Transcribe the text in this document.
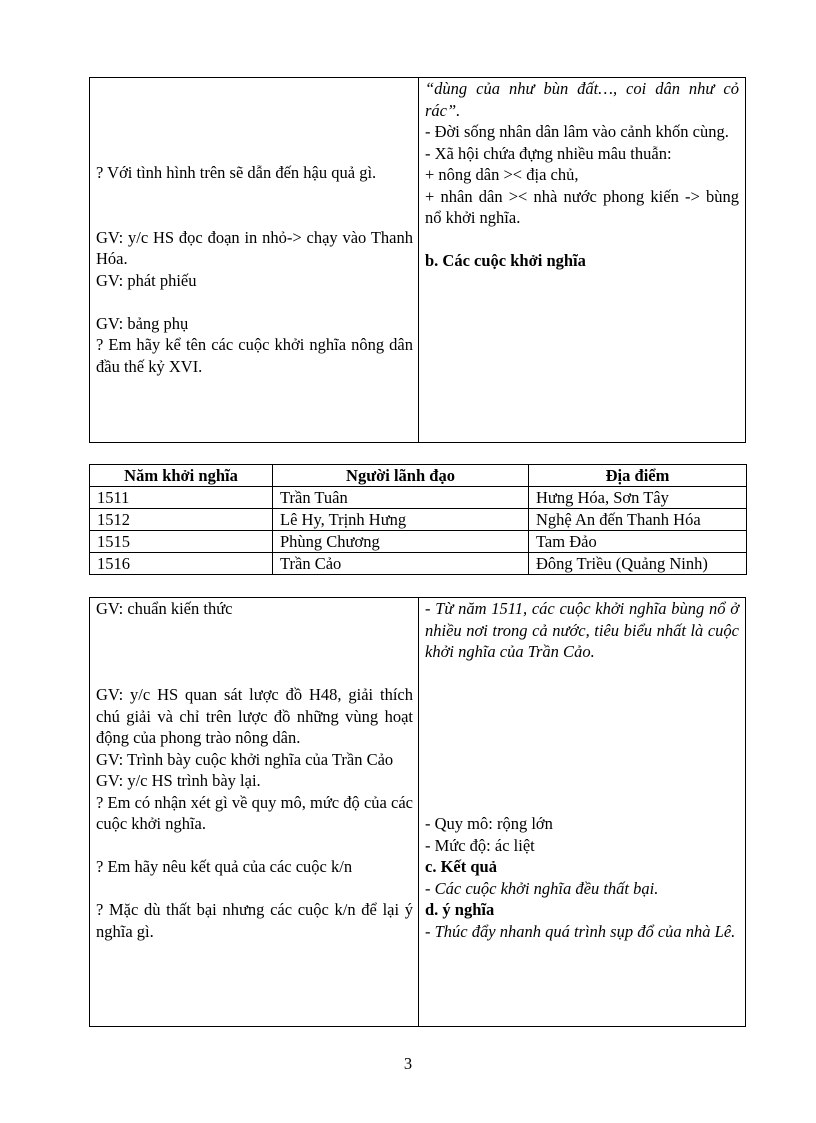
? Với tình hình trên sẽ dẫn đến hậu quả gì.
GV: y/c HS đọc đoạn in nhỏ-> chạy vào Thanh Hóa.
GV: phát phiếu
GV: bảng phụ
? Em hãy kể tên các cuộc khởi nghĩa nông dân đầu thế kỷ XVI.
“dùng của như bùn đất…, coi dân như cỏ rác”.
- Đời sống nhân dân lâm vào cảnh khốn cùng.
- Xã hội chứa đựng nhiều mâu thuẫn:
+ nông dân >< địa chủ,
+ nhân dân >< nhà nước phong kiến -> bùng nổ khởi nghĩa.
b. Các cuộc khởi nghĩa
Năm khởi nghĩa	Người lãnh đạo	Địa điểm
1511	Trần Tuân	Hưng Hóa, Sơn Tây
1512	Lê Hy, Trịnh Hưng	Nghệ An đến Thanh Hóa
1515	Phùng Chương	Tam Đảo
1516	Trần Cảo	Đông Triều (Quảng Ninh)
GV: chuẩn kiến thức
GV: y/c HS quan sát lược đồ H48, giải thích chú giải và chỉ trên lược đồ những vùng hoạt động của phong trào nông dân.
GV: Trình bày cuộc khởi nghĩa của Trần Cảo
GV: y/c HS trình bày lại.
? Em có nhận xét gì về quy mô, mức độ của các cuộc khởi nghĩa.
? Em hãy nêu kết quả của các cuộc k/n
? Mặc dù thất bại nhưng các cuộc k/n để lại ý nghĩa gì.
- Từ năm 1511, các cuộc khởi nghĩa bùng nổ ở nhiều nơi trong cả nước, tiêu biểu nhất là cuộc khởi nghĩa của Trần Cảo.
- Quy mô: rộng lớn
- Mức độ: ác liệt
c. Kết quả
- Các cuộc khởi nghĩa đều thất bại.
d. ý nghĩa
- Thúc đẩy nhanh quá trình sụp đổ của nhà Lê.
3
